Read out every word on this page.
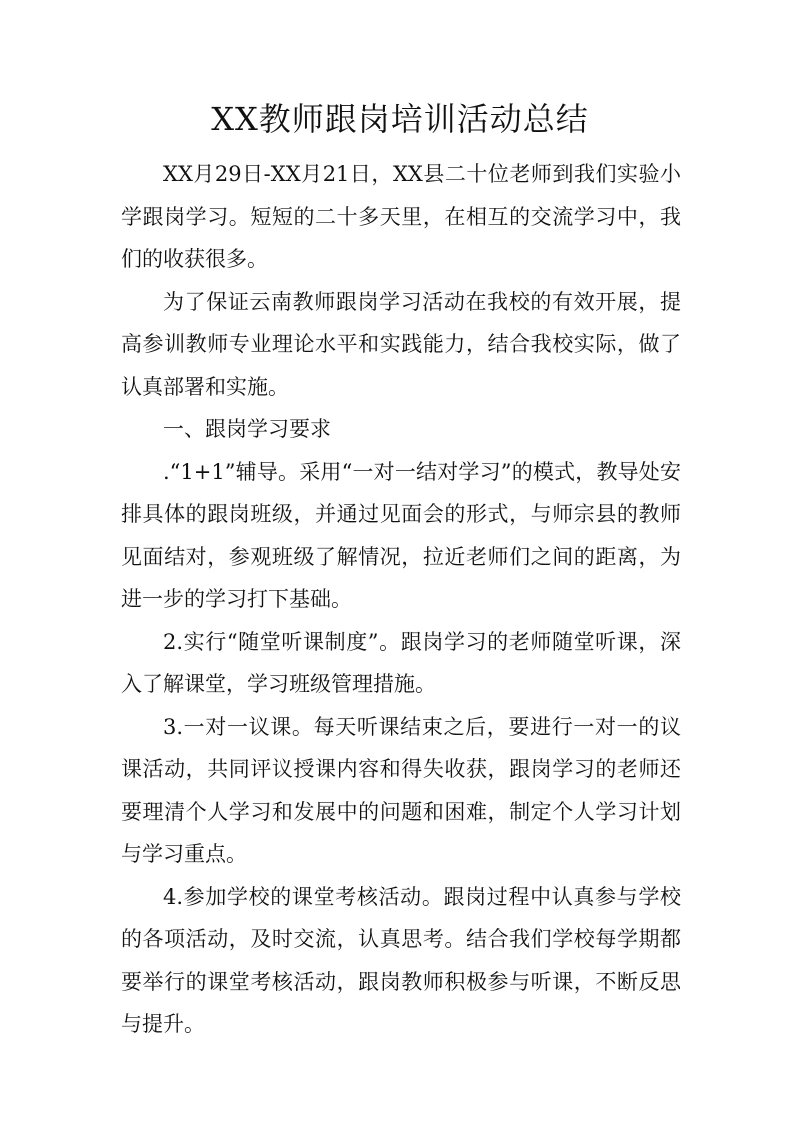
XX教师跟岗培训活动总结

XX月29日-XX月21日，XX县二十位老师到我们实验小学跟岗学习。短短的二十多天里，在相互的交流学习中，我们的收获很多。

为了保证云南教师跟岗学习活动在我校的有效开展，提高参训教师专业理论水平和实践能力，结合我校实际，做了认真部署和实施。

一、跟岗学习要求

.“1+1”辅导。采用“一对一结对学习”的模式，教导处安排具体的跟岗班级，并通过见面会的形式，与师宗县的教师见面结对，参观班级了解情况，拉近老师们之间的距离，为进一步的学习打下基础。

2.实行“随堂听课制度”。跟岗学习的老师随堂听课，深入了解课堂，学习班级管理措施。

3.一对一议课。每天听课结束之后，要进行一对一的议课活动，共同评议授课内容和得失收获，跟岗学习的老师还要理清个人学习和发展中的问题和困难，制定个人学习计划与学习重点。

4.参加学校的课堂考核活动。跟岗过程中认真参与学校的各项活动，及时交流，认真思考。结合我们学校每学期都要举行的课堂考核活动，跟岗教师积极参与听课，不断反思与提升。
